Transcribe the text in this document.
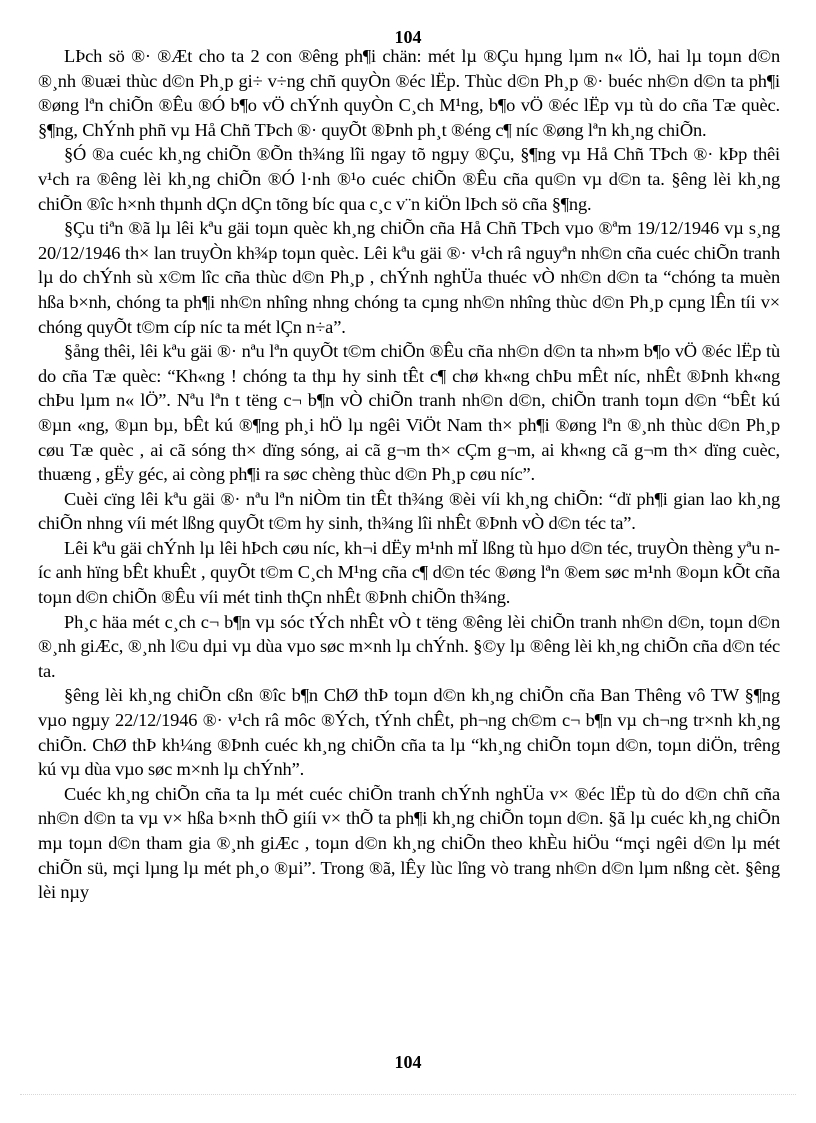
104

LÞch sö ®· ®Æt cho ta 2 con ®êng ph¶i chän: mét lµ ®Çu hµng lµm n« lÖ, hai lµ toµn d©n ®¸nh ®uæi thùc d©n Ph¸p gi÷ v÷ng chñ quyÒn ®éc lËp. Thùc d©n Ph¸p ®· buéc nh©n d©n ta ph¶i ®øng lªn chiÕn ®Êu ®Ó b¶o vÖ chÝnh quyÒn C¸ch M¹ng, b¶o vÖ ®éc lËp vµ tù do cña Tæ quèc. §¶ng, ChÝnh phñ vµ Hå Chñ TÞch ®· quyÕt ®Þnh ph¸t ®éng c¶ níc ®øng lªn kh¸ng chiÕn.

§Ó ®a cuéc kh¸ng chiÕn ®Õn th¾ng lîi ngay tõ ngµy ®Çu, §¶ng vµ Hå Chñ TÞch ®· kÞp thêi v¹ch ra ®êng lèi kh¸ng chiÕn ®Ó l·nh ®¹o cuéc chiÕn ®Êu cña qu©n vµ d©n ta. §êng lèi kh¸ng chiÕn ®îc h×nh thµnh dÇn dÇn tõng bíc qua c¸c v¨n kiÖn lÞch sö cña §¶ng.

§Çu tiªn ®ã lµ lêi kªu gäi toµn quèc kh¸ng chiÕn cña Hå Chñ TÞch vµo ®ªm 19/12/1946 vµ s¸ng 20/12/1946 th× lan truyÒn kh¾p toµn quèc. Lêi kªu gäi ®· v¹ch râ nguyªn nh©n cña cuéc chiÕn tranh lµ do chÝnh sù x©m lîc cña thùc d©n Ph¸p , chÝnh nghÜa thuéc vÒ nh©n d©n ta “chóng ta muèn hßa b×nh, chóng ta ph¶i nh©n nhîng nhng chóng ta cµng nh©n nhîng thùc d©n Ph¸p cµng lÊn tíi v× chóng quyÕt t©m cíp níc ta mét lÇn n÷a”.

§ång thêi, lêi kªu gäi ®· nªu lªn quyÕt t©m chiÕn ®Êu cña nh©n d©n ta nh»m b¶o vÖ ®éc lËp tù do cña Tæ quèc: “Kh«ng ! chóng ta thµ hy sinh tÊt c¶ chø kh«ng chÞu mÊt níc, nhÊt ®Þnh kh«ng chÞu lµm n« lÖ”. Nªu lªn t tëng c¬ b¶n vÒ chiÕn tranh nh©n d©n, chiÕn tranh toµn d©n “bÊt kú ®µn «ng, ®µn bµ, bÊt kú ®¶ng ph¸i hÖ lµ ngêi ViÖt Nam th× ph¶i ®øng lªn ®¸nh thùc d©n Ph¸p cøu Tæ quèc , ai cã sóng th× dïng sóng, ai cã g¬m th× cÇm g¬m, ai kh«ng cã g¬m th× dïng cuèc, thuæng , gËy géc, ai còng ph¶i ra søc chèng thùc d©n Ph¸p cøu níc”.

Cuèi cïng lêi kªu gäi ®· nªu lªn niÒm tin tÊt th¾ng ®èi víi kh¸ng chiÕn: “dï ph¶i gian lao kh¸ng chiÕn nhng víi mét lßng quyÕt t©m hy sinh, th¾ng lîi nhÊt ®Þnh vÒ d©n téc ta”.

Lêi kªu gäi chÝnh lµ lêi hÞch cøu níc, kh¬i dËy m¹nh mÏ lßng tù hµo d©n téc, truyÒn thèng yªu níc anh hïng bÊt khuÊt , quyÕt t©m C¸ch M¹ng cña c¶ d©n téc ®øng lªn ®em søc m¹nh ®oµn kÕt cña toµn d©n chiÕn ®Êu víi mét tinh thÇn nhÊt ®Þnh chiÕn th¾ng.

Ph¸c häa mét c¸ch c¬ b¶n vµ sóc tÝch nhÊt vÒ t tëng ®êng lèi chiÕn tranh nh©n d©n, toµn d©n ®¸nh giÆc, ®¸nh l©u dµi vµ dùa vµo søc m×nh lµ chÝnh. §©y lµ ®êng lèi kh¸ng chiÕn cña d©n téc ta.

§êng lèi kh¸ng chiÕn cßn ®îc b¶n ChØ thÞ toµn d©n kh¸ng chiÕn cña Ban Thêng vô TW §¶ng vµo ngµy 22/12/1946 ®· v¹ch râ môc ®Ých, tÝnh chÊt, ph¬ng ch©m c¬ b¶n vµ ch¬ng tr×nh kh¸ng chiÕn. ChØ thÞ kh¼ng ®Þnh cuéc kh¸ng chiÕn cña ta lµ “kh¸ng chiÕn toµn d©n, toµn diÖn, trêng kú vµ dùa vµo søc m×nh lµ chÝnh”.

Cuéc kh¸ng chiÕn cña ta lµ mét cuéc chiÕn tranh chÝnh nghÜa v× ®éc lËp tù do d©n chñ cña nh©n d©n ta vµ v× hßa b×nh thÕ giíi v× thÕ ta ph¶i kh¸ng chiÕn toµn d©n. §ã lµ cuéc kh¸ng chiÕn mµ toµn d©n tham gia ®¸nh giÆc , toµn d©n kh¸ng chiÕn theo khÈu hiÖu “mçi ngêi d©n lµ mét chiÕn sü, mçi lµng lµ mét ph¸o ®µi”. Trong ®ã, lÊy lùc lîng vò trang nh©n d©n lµm nßng cèt. §êng lèi nµy

104
